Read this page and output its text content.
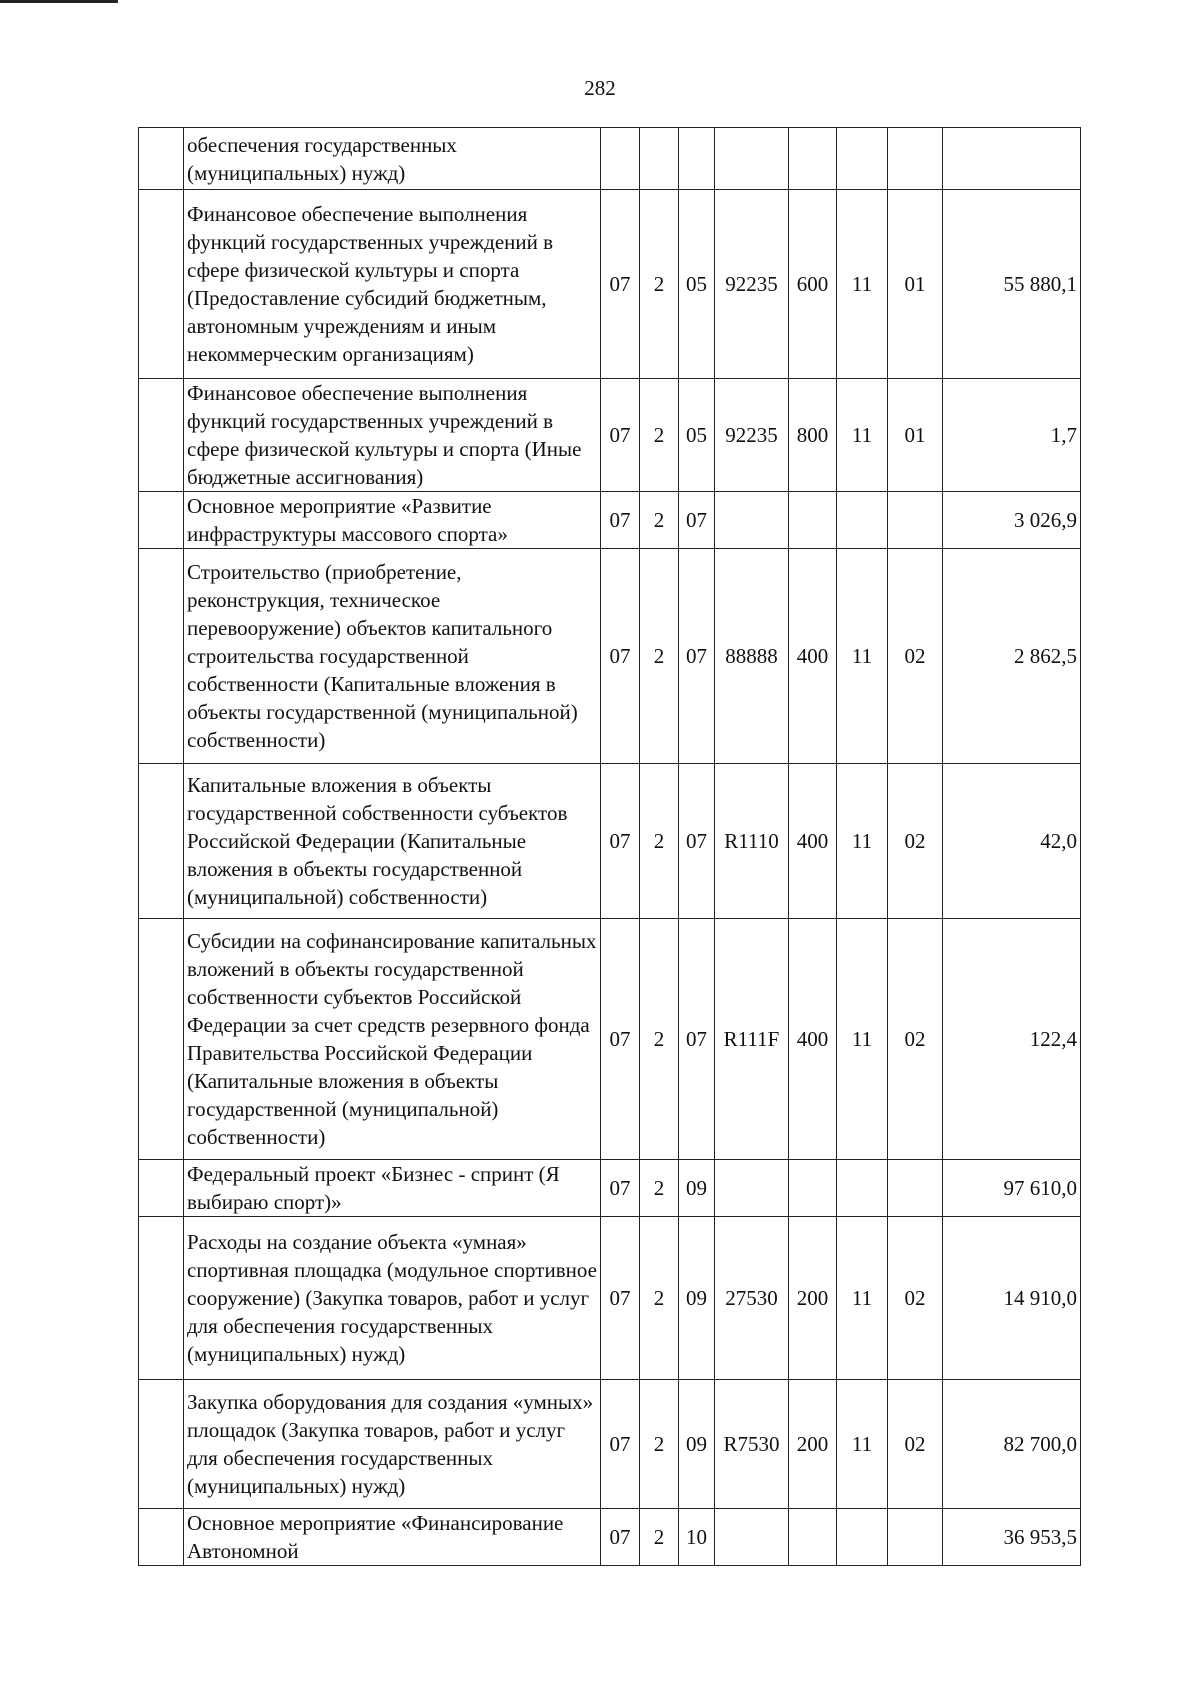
282
	обеспечения государственных (муниципальных) нужд)								
	Финансовое обеспечение выполнения функций государственных учреждений в сфере физической культуры и спорта (Предоставление субсидий бюджетным, автономным учреждениям и иным некоммерческим организациям)	07	2	05	92235	600	11	01	55 880,1
	Финансовое обеспечение выполнения функций государственных учреждений в сфере физической культуры и спорта (Иные бюджетные ассигнования)	07	2	05	92235	800	11	01	1,7
	Основное мероприятие «Развитие инфраструктуры массового спорта»	07	2	07					3 026,9
	Строительство (приобретение, реконструкция, техническое перевооружение) объектов капитального строительства государственной собственности (Капитальные вложения в объекты государственной (муниципальной) собственности)	07	2	07	88888	400	11	02	2 862,5
	Капитальные вложения в объекты государственной собственности субъектов Российской Федерации (Капитальные вложения в объекты государственной (муниципальной) собственности)	07	2	07	R1110	400	11	02	42,0
	Субсидии на софинансирование капитальных вложений в объекты государственной собственности субъектов Российской Федерации за счет средств резервного фонда Правительства Российской Федерации (Капитальные вложения в объекты государственной (муниципальной) собственности)	07	2	07	R111F	400	11	02	122,4
	Федеральный проект «Бизнес - спринт (Я выбираю спорт)»	07	2	09					97 610,0
	Расходы на создание объекта «умная» спортивная площадка (модульное спортивное сооружение) (Закупка товаров, работ и услуг для обеспечения государственных (муниципальных) нужд)	07	2	09	27530	200	11	02	14 910,0
	Закупка оборудования для создания «умных» площадок (Закупка товаров, работ и услуг для обеспечения государственных (муниципальных) нужд)	07	2	09	R7530	200	11	02	82 700,0
	Основное мероприятие «Финансирование Автономной	07	2	10					36 953,5
